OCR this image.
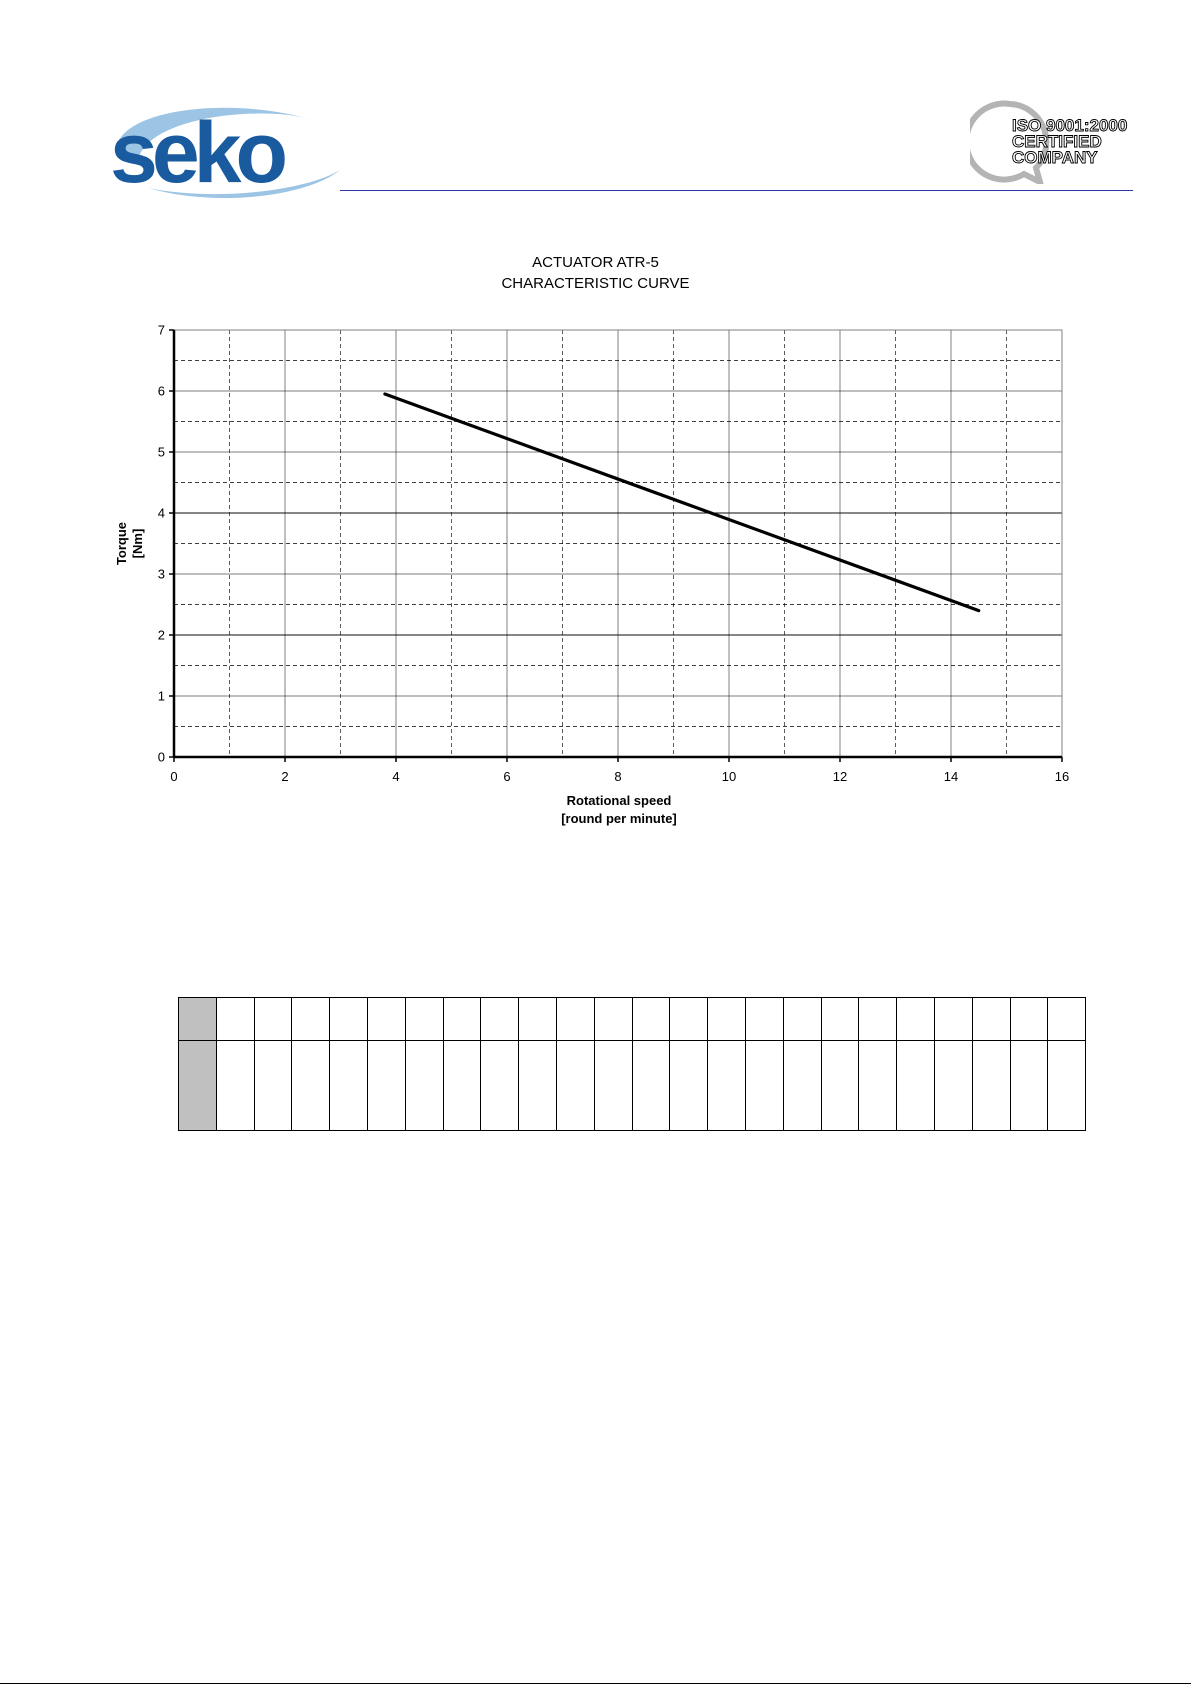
seko	ISO 9001:2000
CERTIFIED
COMPANY
ACTUATOR ATR-5
CHARACTERISTIC CURVE
0	2	4	6	8	10	12	14	16
0
1
2
3
4
5
6
7
Rotational speed
[round per minute]
Torque [Nm]
